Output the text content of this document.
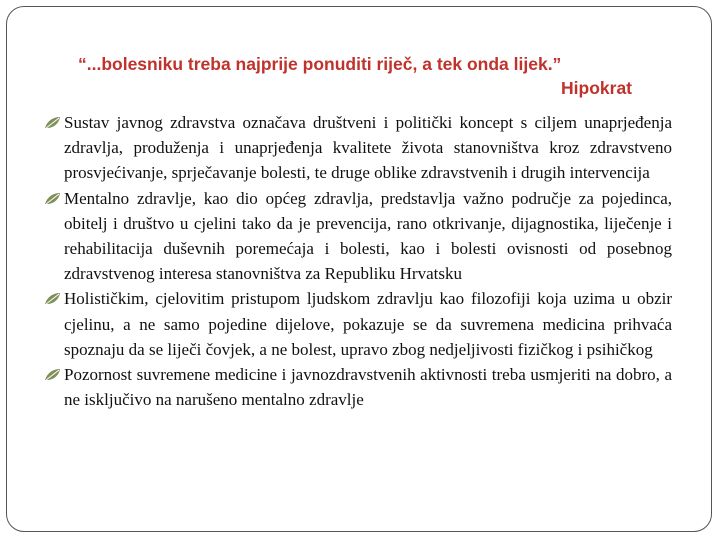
“...bolesniku treba najprije ponuditi riječ, a tek onda lijek.”
Hipokrat
Sustav javnog zdravstva označava društveni i politički koncept s ciljem unaprjeđenja zdravlja, produženja i unaprjeđenja kvalitete života stanovništva kroz zdravstveno prosvjećivanje, sprječavanje bolesti, te druge oblike zdravstvenih i drugih intervencija
Mentalno zdravlje, kao dio općeg zdravlja, predstavlja važno područje za pojedinca, obitelj i društvo u cjelini tako da je prevencija, rano otkrivanje, dijagnostika, liječenje i rehabilitacija duševnih poremećaja i bolesti, kao i bolesti ovisnosti od posebnog zdravstvenog interesa stanovništva za Republiku Hrvatsku
Holističkim, cjelovitim pristupom ljudskom zdravlju kao filozofiji koja uzima u obzir cjelinu, a ne samo pojedine dijelove, pokazuje se da suvremena medicina prihvaća spoznaju da se liječi čovjek, a ne bolest, upravo zbog nedjeljivosti fizičkog i psihičkog
Pozornost suvremene medicine i javnozdravstvenih aktivnosti treba usmjeriti na dobro, a ne isključivo na narušeno mentalno zdravlje
